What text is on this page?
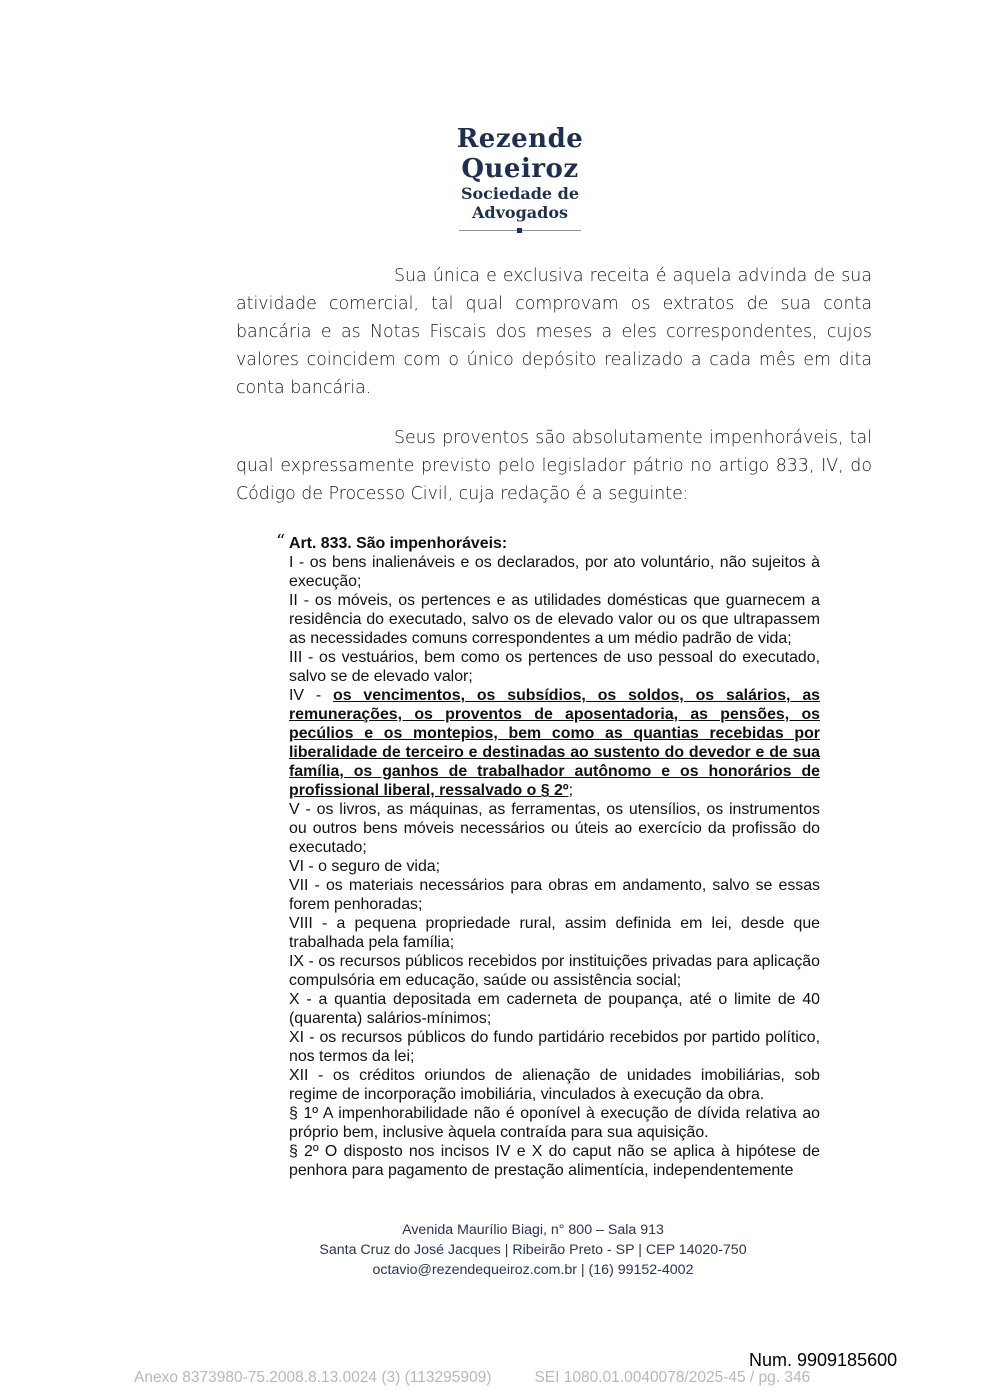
Rezende
Queiroz
Sociedade de
Advogados
Sua única e exclusiva receita é aquela advinda de sua atividade comercial, tal qual comprovam os extratos de sua conta bancária e as Notas Fiscais dos meses a eles correspondentes, cujos valores coincidem com o único depósito realizado a cada mês em dita conta bancária.
Seus proventos são absolutamente impenhoráveis, tal qual expressamente previsto pelo legislador pátrio no artigo 833, IV, do Código de Processo Civil, cuja redação é a seguinte:
“ Art. 833. São impenhoráveis:
I - os bens inalienáveis e os declarados, por ato voluntário, não sujeitos à execução;
II - os móveis, os pertences e as utilidades domésticas que guarnecem a residência do executado, salvo os de elevado valor ou os que ultrapassem as necessidades comuns correspondentes a um médio padrão de vida;
III - os vestuários, bem como os pertences de uso pessoal do executado, salvo se de elevado valor;
IV - os vencimentos, os subsídios, os soldos, os salários, as remunerações, os proventos de aposentadoria, as pensões, os pecúlios e os montepios, bem como as quantias recebidas por liberalidade de terceiro e destinadas ao sustento do devedor e de sua família, os ganhos de trabalhador autônomo e os honorários de profissional liberal, ressalvado o § 2º;
V - os livros, as máquinas, as ferramentas, os utensílios, os instrumentos ou outros bens móveis necessários ou úteis ao exercício da profissão do executado;
VI - o seguro de vida;
VII - os materiais necessários para obras em andamento, salvo se essas forem penhoradas;
VIII - a pequena propriedade rural, assim definida em lei, desde que trabalhada pela família;
IX - os recursos públicos recebidos por instituições privadas para aplicação compulsória em educação, saúde ou assistência social;
X - a quantia depositada em caderneta de poupança, até o limite de 40 (quarenta) salários-mínimos;
XI - os recursos públicos do fundo partidário recebidos por partido político, nos termos da lei;
XII - os créditos oriundos de alienação de unidades imobiliárias, sob regime de incorporação imobiliária, vinculados à execução da obra.
§ 1º A impenhorabilidade não é oponível à execução de dívida relativa ao próprio bem, inclusive àquela contraída para sua aquisição.
§ 2º O disposto nos incisos IV e X do caput não se aplica à hipótese de penhora para pagamento de prestação alimentícia, independentemente
Avenida Maurílio Biagi, n° 800 – Sala 913
Santa Cruz do José Jacques | Ribeirão Preto - SP | CEP 14020-750
octavio@rezendequeiroz.com.br | (16) 99152-4002
Num. 9909185600
Anexo 8373980-75.2008.8.13.0024 (3) (113295909)	SEI 1080.01.0040078/2025-45 / pg. 346
